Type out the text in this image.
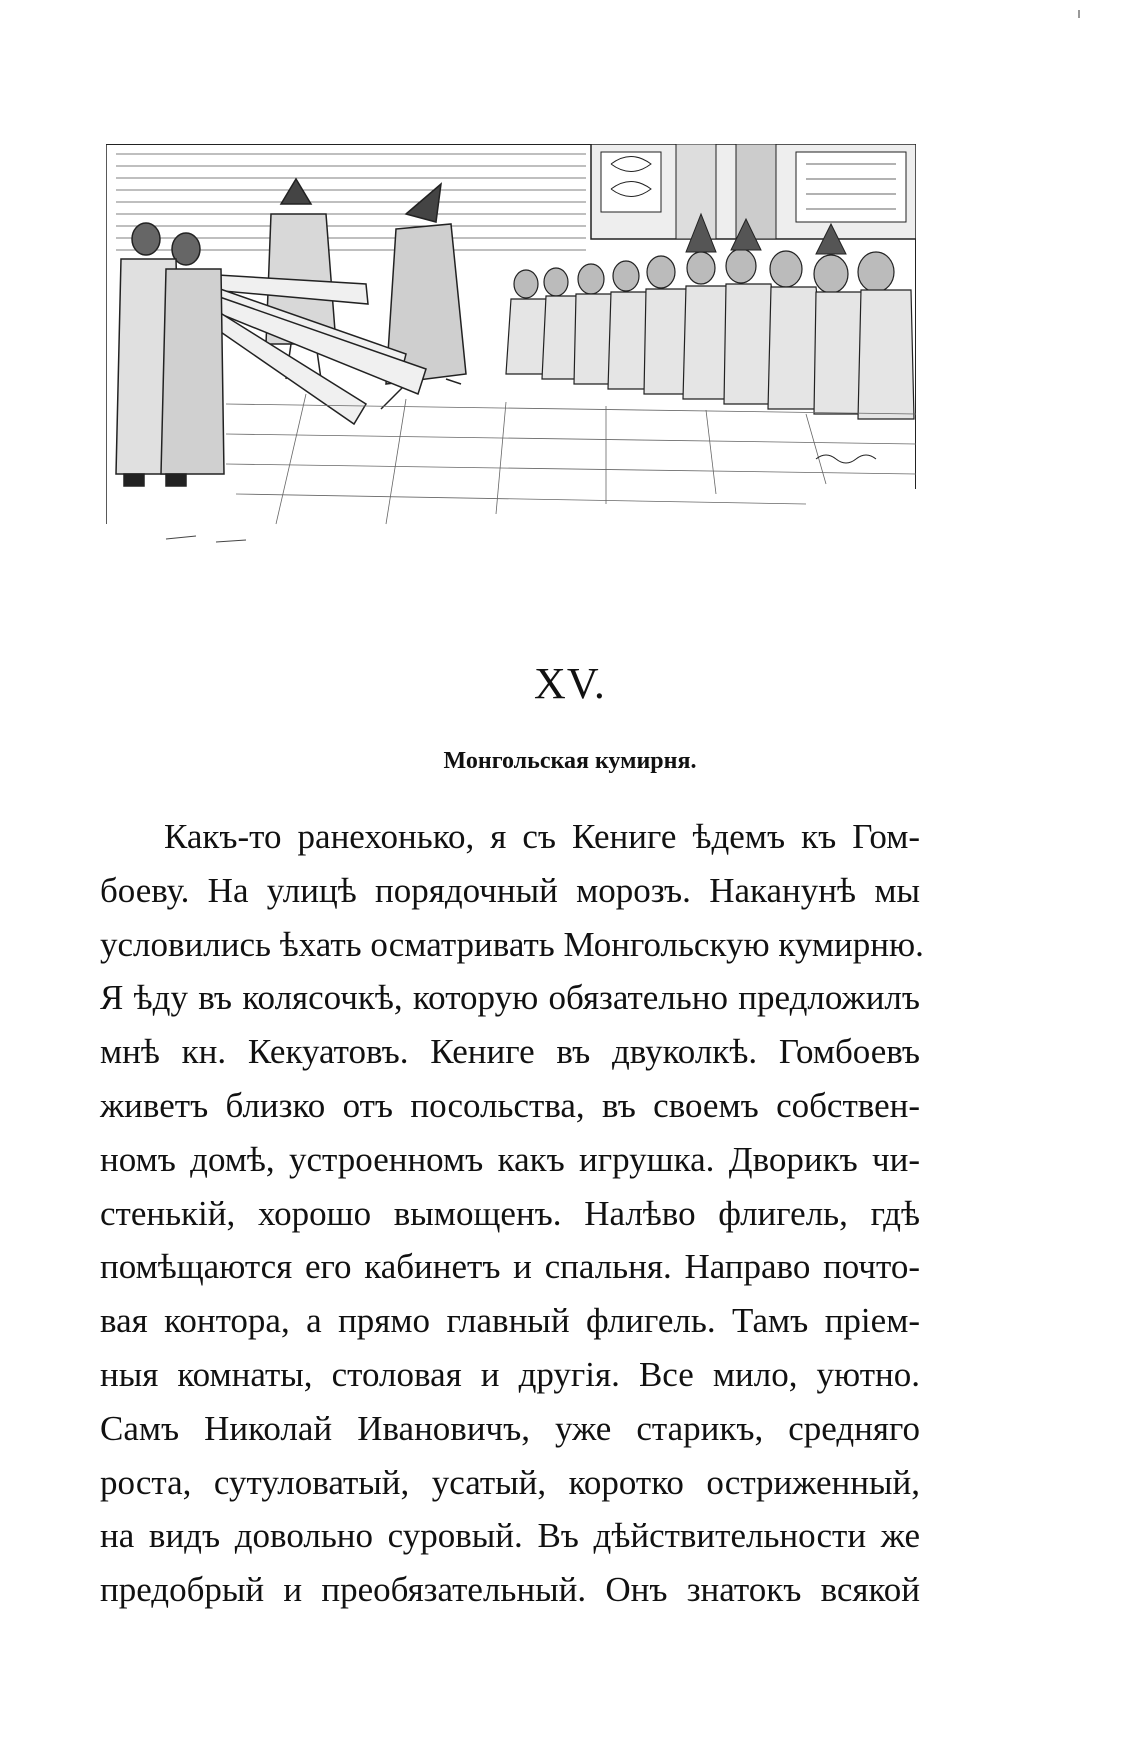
XV.
Монгольская кумирня.
Какъ-то ранехонько, я съ Кениге ѣдемъ къ Гом-
боеву. На улицѣ порядочный морозъ. Наканунѣ мы
условились ѣхать осматривать Монгольскую кумирню.
Я ѣду въ колясочкѣ, которую обязательно предложилъ
мнѣ кн. Кекуатовъ. Кениге въ двуколкѣ. Гомбоевъ
живетъ близко отъ посольства, въ своемъ собствен-
номъ домѣ, устроенномъ какъ игрушка. Дворикъ чи-
стенькій, хорошо вымощенъ. Налѣво флигель, гдѣ
помѣщаются его кабинетъ и спальня. Направо почто-
вая контора, а прямо главный флигель. Тамъ пріем-
ныя комнаты, столовая и другія. Все мило, уютно.
Самъ Николай Ивановичъ, уже старикъ, средняго
роста, сутуловатый, усатый, коротко остриженный,
на видъ довольно суровый. Въ дѣйствительности же
предобрый и преобязательный. Онъ знатокъ всякой
